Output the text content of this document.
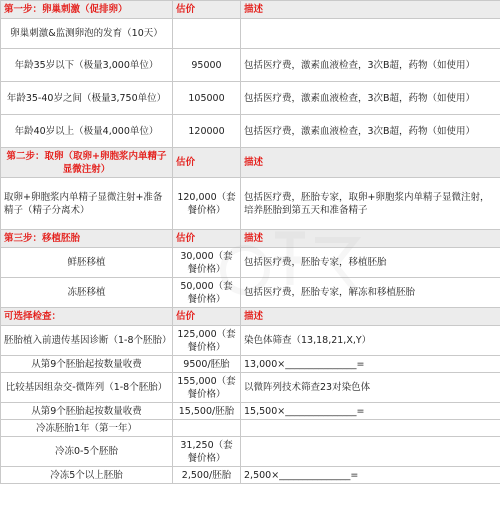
第一步：卵巢刺激（促排卵）	估价	描述
卵巢刺激&监测卵泡的发育（10天）		
年龄35岁以下（极量3,000单位）	95000	包括医疗费，激素血液检查，3次B超，药物（如使用）
年龄35-40岁之间（极量3,750单位）	105000	包括医疗费，激素血液检查，3次B超，药物（如使用）
年龄40岁以上（极量4,000单位）	120000	包括医疗费，激素血液检查，3次B超，药物（如使用）
第二步：取卵（取卵+卵胞浆内单精子显微注射）	估价	描述
取卵+卵胞浆内单精子显微注射+准备精子（精子分离术）	120,000（套餐价格）	包括医疗费，胚胎专家，取卵+卵胞浆内单精子显微注射，培养胚胎到第五天和准备精子
第三步：移植胚胎	估价	描述
鲜胚移植	30,000（套餐价格）	包括医疗费，胚胎专家，移植胚胎
冻胚移植	50,000（套餐价格）	包括医疗费，胚胎专家，解冻和移植胚胎
可选择检查：	估价	描述
胚胎植入前遗传基因诊断（1-8个胚胎）	125,000（套餐价格）	染色体筛查（13,18,21,X,Y）
从第9个胚胎起按数量收费	9500/胚胎	13,000×_______________=
比较基因组杂交-微阵列（1-8个胚胎）	155,000（套餐价格）	以微阵列技术筛查23对染色体
从第9个胚胎起按数量收费	15,500/胚胎	15,500×_______________=
冷冻胚胎1年（第一年）		
冷冻0-5个胚胎	31,250（套餐价格）	
冷冻5个以上胚胎	2,500/胚胎	2,500×_______________=
